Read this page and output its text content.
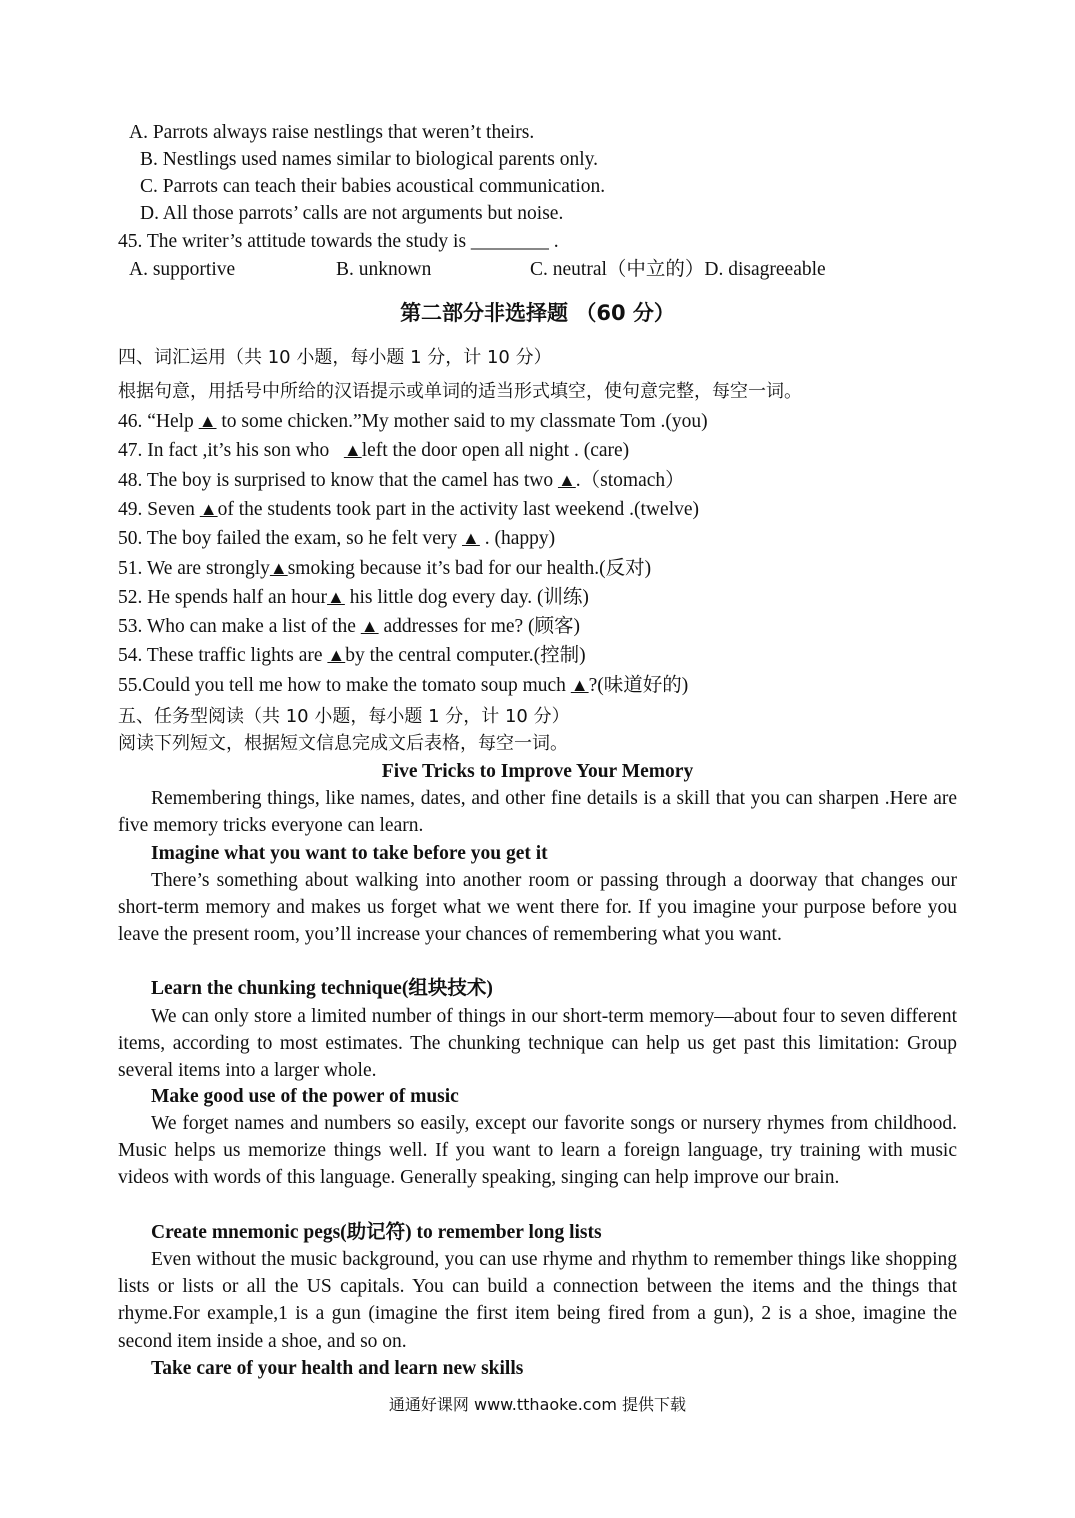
A. Parrots always raise nestlings that weren’t theirs.
B. Nestlings used names similar to biological parents only.
C. Parrots can teach their babies acoustical communication.
D. All those parrots’ calls are not arguments but noise.
45. The writer’s attitude towards the study is ________ .
A. supportive	B. unknown	C. neutral（中立的）D. disagreeable
第二部分非选择题 （60 分）
四、词汇运用（共 10 小题，每小题 1 分，计 10 分）
根据句意，用括号中所给的汉语提示或单词的适当形式填空，使句意完整，每空一词。
46. “Help ▲ to some chicken.”My mother said to my classmate Tom .(you)
47. In fact ,it’s his son who   ▲left the door open all night . (care)
48. The boy is surprised to know that the camel has two ▲.（stomach）
49. Seven ▲of the students took part in the activity last weekend .(twelve)
50. The boy failed the exam, so he felt very ▲ . (happy)
51. We are strongly▲smoking because it’s bad for our health.(反对)
52. He spends half an hour▲ his little dog every day. (训练)
53. Who can make a list of the ▲ addresses for me? (顾客)
54. These traffic lights are ▲by the central computer.(控制)
55.Could you tell me how to make the tomato soup much ▲?(味道好的)
五、任务型阅读（共 10 小题，每小题 1 分，计 10 分）
阅读下列短文，根据短文信息完成文后表格，每空一词。
Five Tricks to Improve Your Memory

Remembering things, like names, dates, and other fine details is a skill that you can sharpen .Here are five memory tricks everyone can learn.

Imagine what you want to take before you get it

There’s something about walking into another room or passing through a doorway that changes our short-term memory and makes us forget what we went there for. If you imagine your purpose before you leave the present room, you’ll increase your chances of remembering what you want.

Learn the chunking technique(组块技术)

We can only store a limited number of things in our short-term memory—about four to seven different items, according to most estimates. The chunking technique can help us get past this limitation: Group several items into a larger whole.

Make good use of the power of music

We forget names and numbers so easily, except our favorite songs or nursery rhymes from childhood. Music helps us memorize things well. If you want to learn a foreign language, try training with music videos with words of this language. Generally speaking, singing can help improve our brain.

Create mnemonic pegs(助记符) to remember long lists

Even without the music background, you can use rhyme and rhythm to remember things like shopping lists or lists or all the US capitals. You can build a connection between the items and the things that rhyme.For example,1 is a gun (imagine the first item being fired from a gun), 2 is a shoe, imagine the second item inside a shoe, and so on.

Take care of your health and learn new skills
通通好课网 www.tthaoke.com 提供下载
